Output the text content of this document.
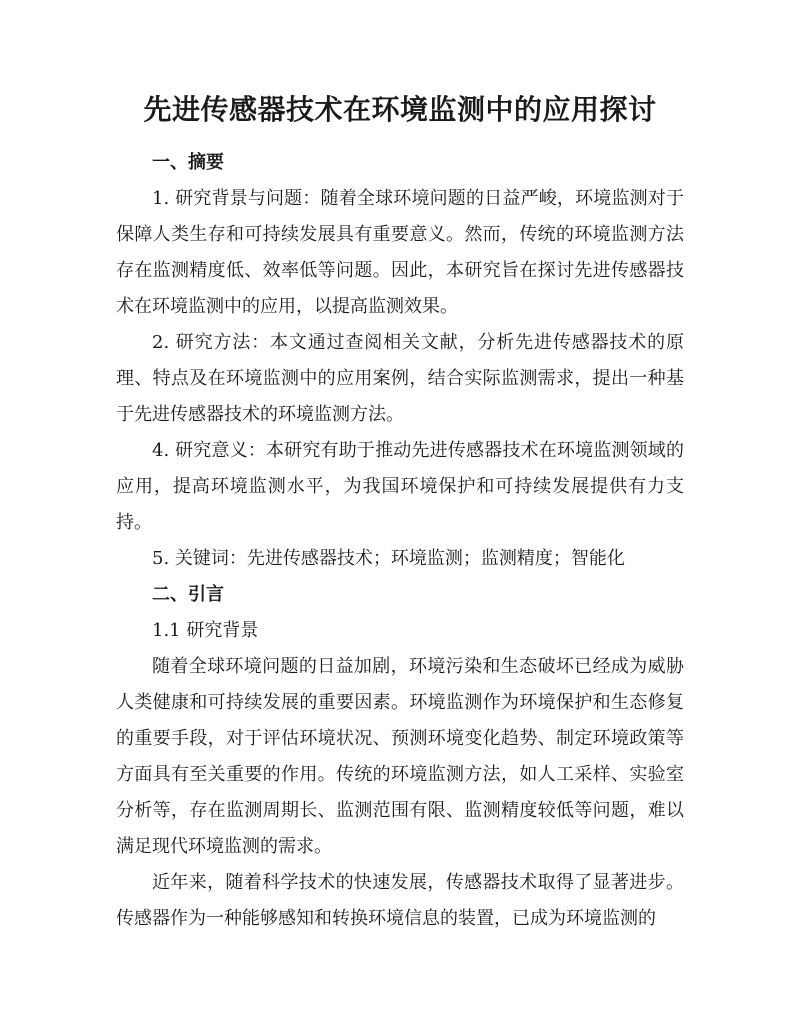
先进传感器技术在环境监测中的应用探讨
一、摘要

1. 研究背景与问题：随着全球环境问题的日益严峻，环境监测对于保障人类生存和可持续发展具有重要意义。然而，传统的环境监测方法存在监测精度低、效率低等问题。因此，本研究旨在探讨先进传感器技术在环境监测中的应用，以提高监测效果。

2. 研究方法：本文通过查阅相关文献，分析先进传感器技术的原理、特点及在环境监测中的应用案例，结合实际监测需求，提出一种基于先进传感器技术的环境监测方法。

4. 研究意义：本研究有助于推动先进传感器技术在环境监测领域的应用，提高环境监测水平，为我国环境保护和可持续发展提供有力支持。

5. 关键词：先进传感器技术；环境监测；监测精度；智能化

二、引言

1.1 研究背景

随着全球环境问题的日益加剧，环境污染和生态破坏已经成为威胁人类健康和可持续发展的重要因素。环境监测作为环境保护和生态修复的重要手段，对于评估环境状况、预测环境变化趋势、制定环境政策等方面具有至关重要的作用。传统的环境监测方法，如人工采样、实验室分析等，存在监测周期长、监测范围有限、监测精度较低等问题，难以满足现代环境监测的需求。

近年来，随着科学技术的快速发展，传感器技术取得了显著进步。传感器作为一种能够感知和转换环境信息的装置，已成为环境监测的
